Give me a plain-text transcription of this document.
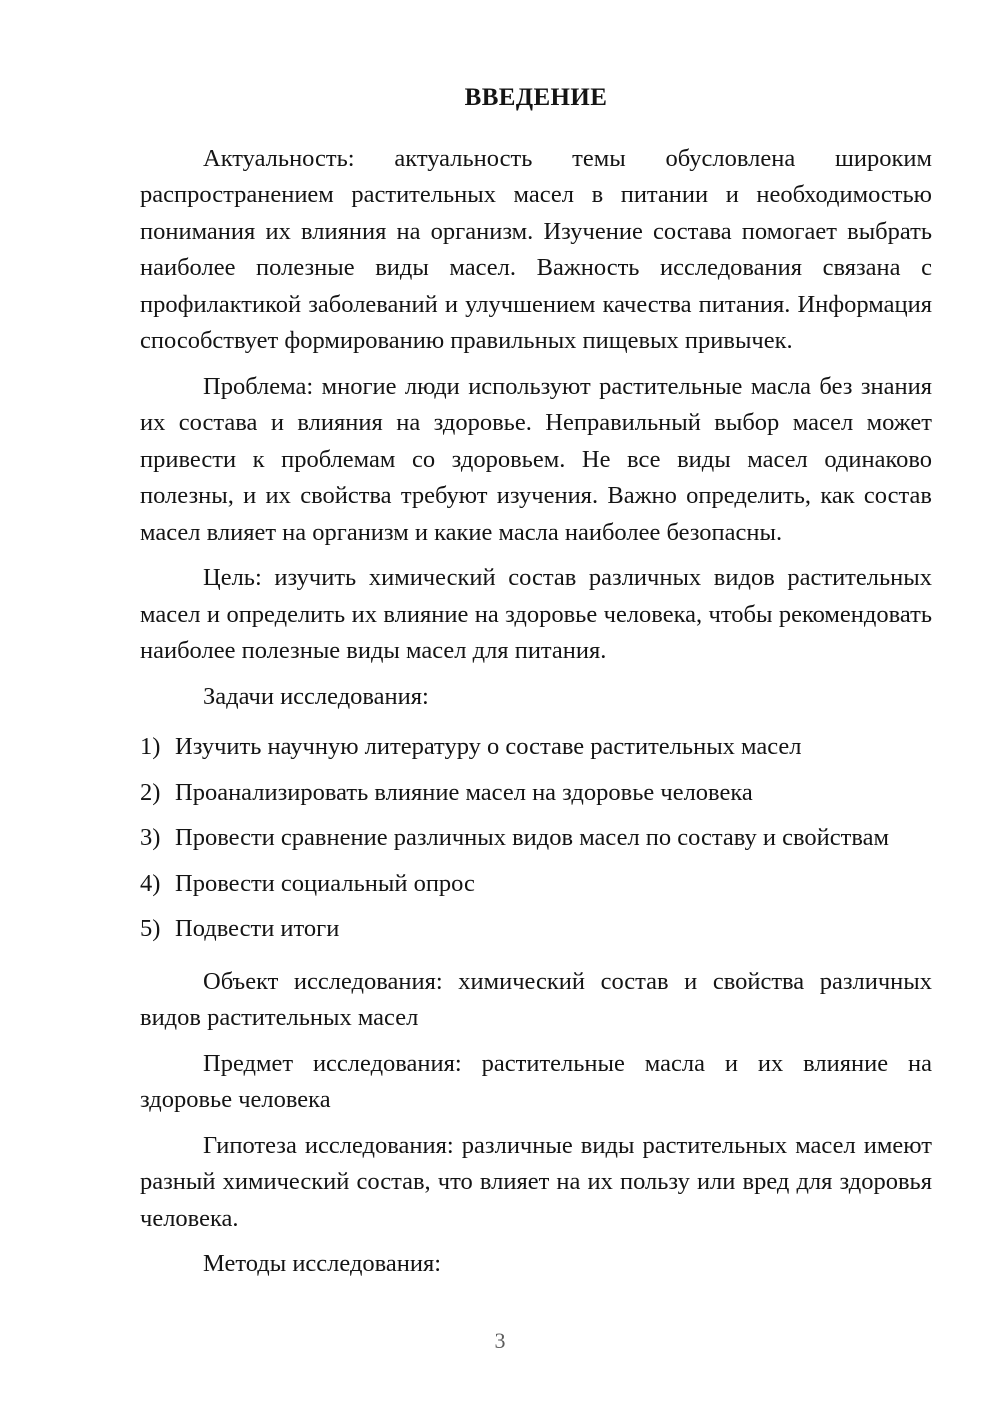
ВВЕДЕНИЕ

Актуальность: актуальность темы обусловлена широким распространением растительных масел в питании и необходимостью понимания их влияния на организм. Изучение состава помогает выбрать наиболее полезные виды масел. Важность исследования связана с профилактикой заболеваний и улучшением качества питания. Информация способствует формированию правильных пищевых привычек.

Проблема: многие люди используют растительные масла без знания их состава и влияния на здоровье. Неправильный выбор масел может привести к проблемам со здоровьем. Не все виды масел одинаково полезны, и их свойства требуют изучения. Важно определить, как состав масел влияет на организм и какие масла наиболее безопасны.

Цель: изучить химический состав различных видов растительных масел и определить их влияние на здоровье человека, чтобы рекомендовать наиболее полезные виды масел для питания.

Задачи исследования:

1) Изучить научную литературу о составе растительных масел
2) Проанализировать влияние масел на здоровье человека
3) Провести сравнение различных видов масел по составу и свойствам
4) Провести социальный опрос
5) Подвести итоги

Объект исследования: химический состав и свойства различных видов растительных масел

Предмет исследования: растительные масла и их влияние на здоровье человека

Гипотеза исследования: различные виды растительных масел имеют разный химический состав, что влияет на их пользу или вред для здоровья человека.

Методы исследования:

3
